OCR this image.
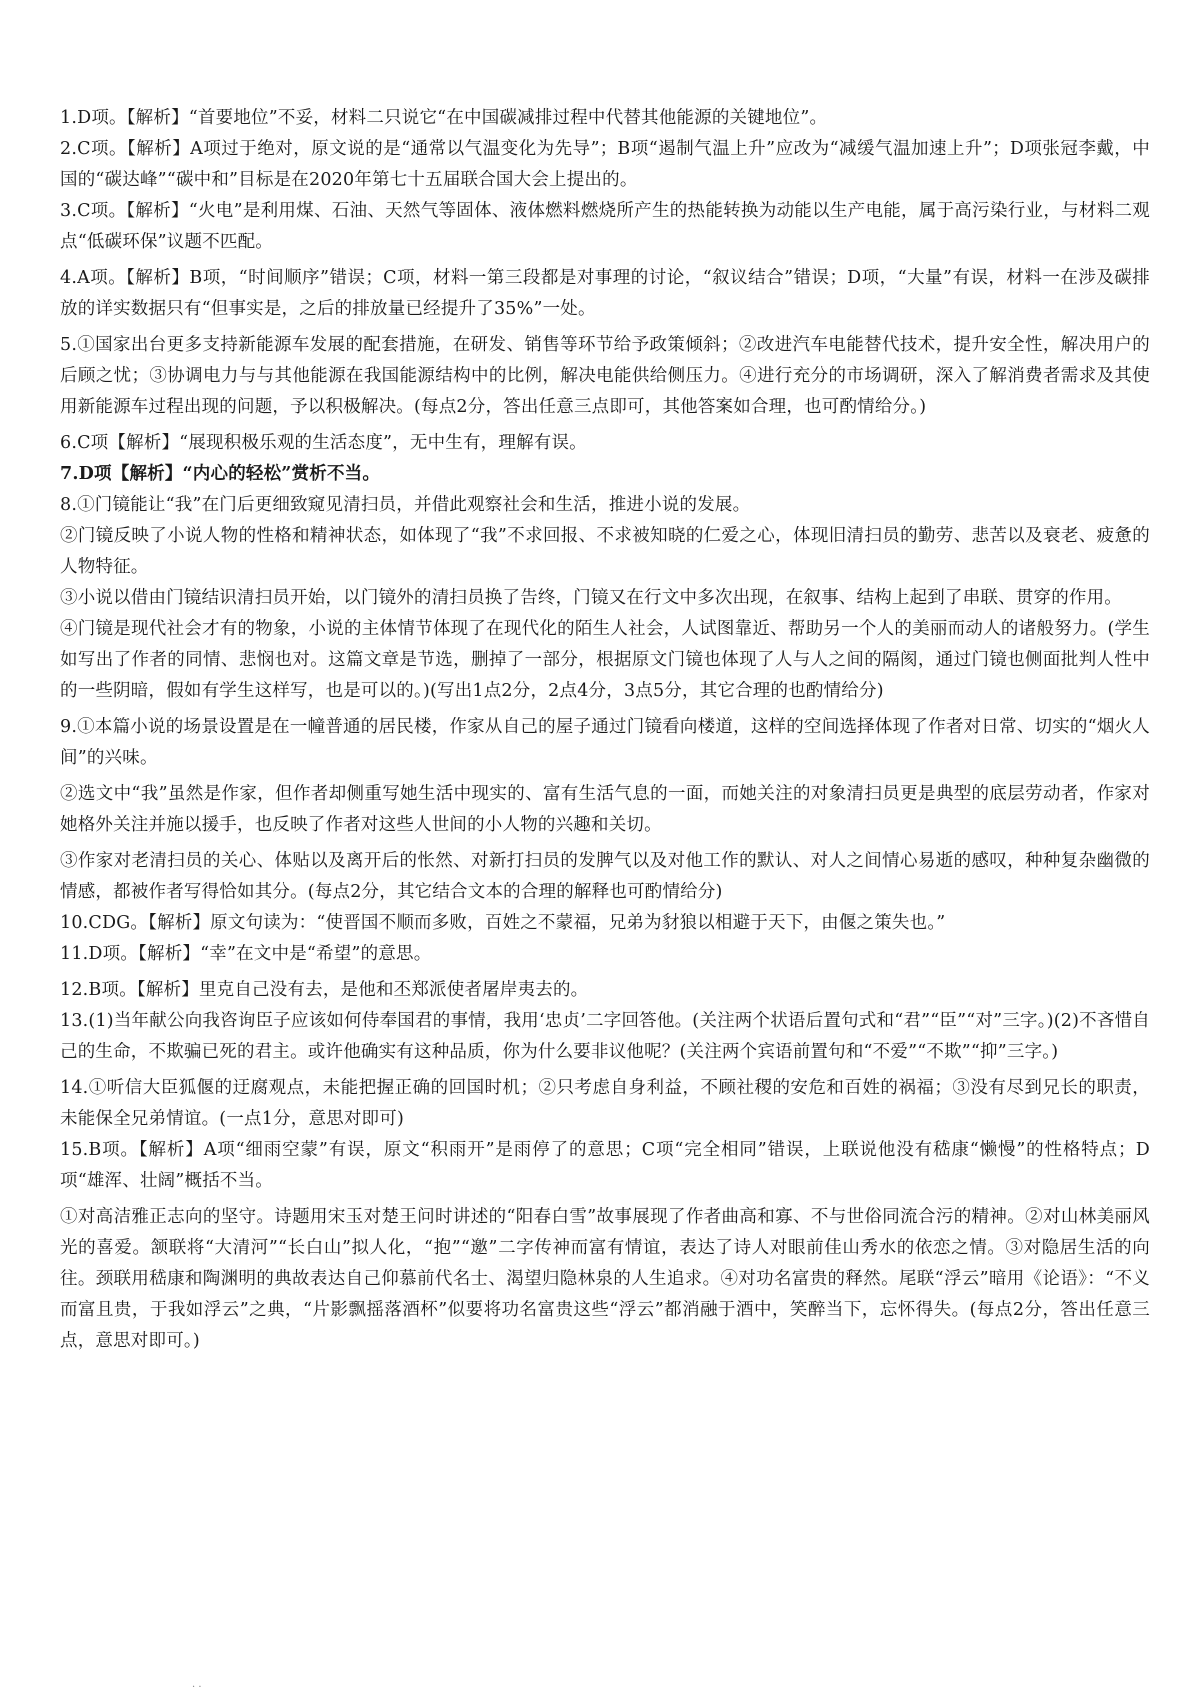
1.D项。【解析】“首要地位”不妥，材料二只说它“在中国碳减排过程中代替其他能源的关键地位”。

2.C项。【解析】A项过于绝对，原文说的是“通常以气温变化为先导”；B项“遏制气温上升”应改为“减缓气温加速上升”；D项张冠李戴，中国的“碳达峰”“碳中和”目标是在2020年第七十五届联合国大会上提出的。

3.C项。【解析】“火电”是利用煤、石油、天然气等固体、液体燃料燃烧所产生的热能转换为动能以生产电能，属于高污染行业，与材料二观点“低碳环保”议题不匹配。

4.A项。【解析】B项，“时间顺序”错误；C项，材料一第三段都是对事理的讨论，“叙议结合”错误；D项，“大量”有误，材料一在涉及碳排放的详实数据只有“但事实是，之后的排放量已经提升了35%”一处。

5.①国家出台更多支持新能源车发展的配套措施，在研发、销售等环节给予政策倾斜；②改进汽车电能替代技术，提升安全性，解决用户的后顾之忧；③协调电力与与其他能源在我国能源结构中的比例，解决电能供给侧压力。④进行充分的市场调研，深入了解消费者需求及其使用新能源车过程出现的问题，予以积极解决。(每点2分，答出任意三点即可，其他答案如合理，也可酌情给分。)

6.C项【解析】“展现积极乐观的生活态度”，无中生有，理解有误。

7.D项【解析】“内心的轻松”赏析不当。

8.①门镜能让“我”在门后更细致窥见清扫员，并借此观察社会和生活，推进小说的发展。

②门镜反映了小说人物的性格和精神状态，如体现了“我”不求回报、不求被知晓的仁爱之心，体现旧清扫员的勤劳、悲苦以及衰老、疲惫的人物特征。

③小说以借由门镜结识清扫员开始，以门镜外的清扫员换了告终，门镜又在行文中多次出现，在叙事、结构上起到了串联、贯穿的作用。

④门镜是现代社会才有的物象，小说的主体情节体现了在现代化的陌生人社会，人试图靠近、帮助另一个人的美丽而动人的诸般努力。(学生如写出了作者的同情、悲悯也对。这篇文章是节选，删掉了一部分，根据原文门镜也体现了人与人之间的隔阂，通过门镜也侧面批判人性中的一些阴暗，假如有学生这样写，也是可以的。)(写出1点2分，2点4分，3点5分，其它合理的也酌情给分)

9.①本篇小说的场景设置是在一幢普通的居民楼，作家从自己的屋子通过门镜看向楼道，这样的空间选择体现了作者对日常、切实的“烟火人间”的兴味。

②选文中“我”虽然是作家，但作者却侧重写她生活中现实的、富有生活气息的一面，而她关注的对象清扫员更是典型的底层劳动者，作家对她格外关注并施以援手，也反映了作者对这些人世间的小人物的兴趣和关切。

③作家对老清扫员的关心、体贴以及离开后的怅然、对新打扫员的发脾气以及对他工作的默认、对人之间情心易逝的感叹，种种复杂幽微的情感，都被作者写得恰如其分。(每点2分，其它结合文本的合理的解释也可酌情给分)

10.CDG。【解析】原文句读为：“使晋国不顺而多败，百姓之不蒙福，兄弟为豺狼以相避于天下，由偃之策失也。”

11.D项。【解析】“幸”在文中是“希望”的意思。

12.B项。【解析】里克自己没有去，是他和丕郑派使者屠岸夷去的。

13.(1)当年献公向我咨询臣子应该如何侍奉国君的事情，我用‘忠贞’二字回答他。(关注两个状语后置句式和“君”“臣”“对”三字。)(2)不吝惜自己的生命，不欺骗已死的君主。或许他确实有这种品质，你为什么要非议他呢？(关注两个宾语前置句和“不爱”“不欺”“抑”三字。)

14.①听信大臣狐偃的迂腐观点，未能把握正确的回国时机；②只考虑自身利益，不顾社稷的安危和百姓的祸福；③没有尽到兄长的职责，未能保全兄弟情谊。(一点1分，意思对即可)

15.B项。【解析】A项“细雨空蒙”有误，原文“积雨开”是雨停了的意思；C项“完全相同”错误，上联说他没有嵇康“懒慢”的性格特点；D项“雄浑、壮阔”概括不当。

①对高洁雅正志向的坚守。诗题用宋玉对楚王问时讲述的“阳春白雪”故事展现了作者曲高和寡、不与世俗同流合污的精神。②对山林美丽风光的喜爱。颔联将“大清河”“长白山”拟人化，“抱”“邀”二字传神而富有情谊，表达了诗人对眼前佳山秀水的依恋之情。③对隐居生活的向往。颈联用嵇康和陶渊明的典故表达自己仰慕前代名士、渴望归隐林泉的人生追求。④对功名富贵的释然。尾联“浮云”暗用《论语》：“不义而富且贵，于我如浮云”之典，“片影飘摇落酒杯”似要将功名富贵这些“浮云”都消融于酒中，笑醉当下，忘怀得失。(每点2分，答出任意三点，意思对即可。)

· ·
